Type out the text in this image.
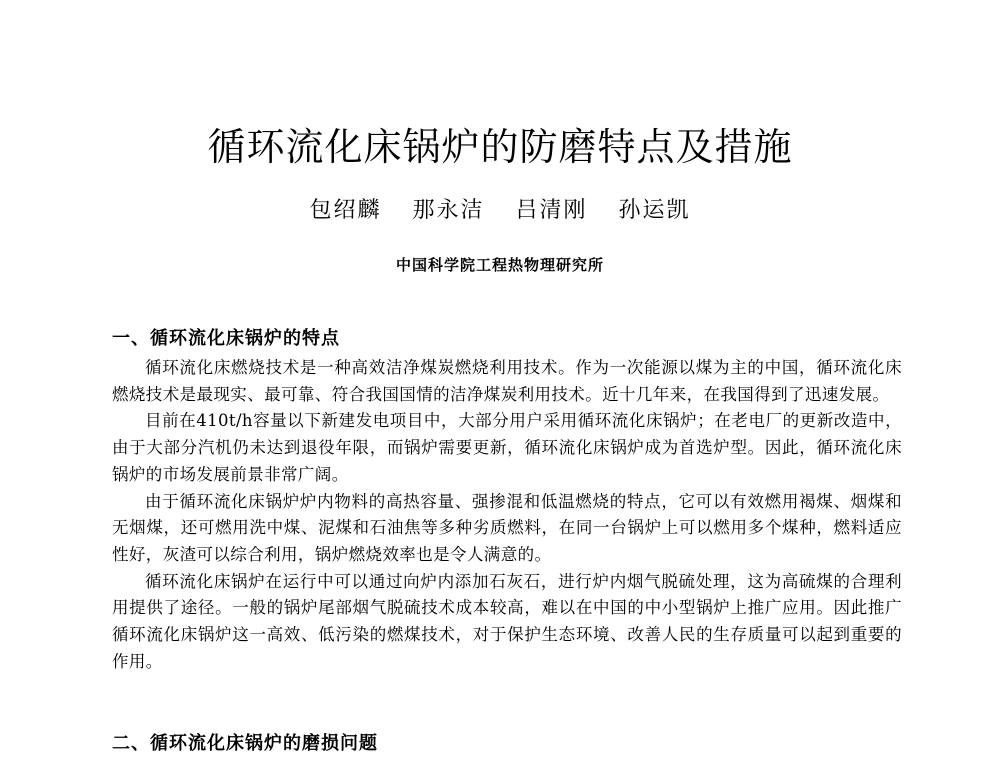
循环流化床锅炉的防磨特点及措施
包绍麟 那永洁 吕清刚 孙运凯
中国科学院工程热物理研究所
一、循环流化床锅炉的特点

循环流化床燃烧技术是一种高效洁净煤炭燃烧利用技术。作为一次能源以煤为主的中国，循环流化床燃烧技术是最现实、最可靠、符合我国国情的洁净煤炭利用技术。近十几年来，在我国得到了迅速发展。

目前在410t/h容量以下新建发电项目中，大部分用户采用循环流化床锅炉；在老电厂的更新改造中，由于大部分汽机仍未达到退役年限，而锅炉需要更新，循环流化床锅炉成为首选炉型。因此，循环流化床锅炉的市场发展前景非常广阔。

由于循环流化床锅炉炉内物料的高热容量、强掺混和低温燃烧的特点，它可以有效燃用褐煤、烟煤和无烟煤，还可燃用洗中煤、泥煤和石油焦等多种劣质燃料，在同一台锅炉上可以燃用多个煤种，燃料适应性好，灰渣可以综合利用，锅炉燃烧效率也是令人满意的。

循环流化床锅炉在运行中可以通过向炉内添加石灰石，进行炉内烟气脱硫处理，这为高硫煤的合理利用提供了途径。一般的锅炉尾部烟气脱硫技术成本较高，难以在中国的中小型锅炉上推广应用。因此推广循环流化床锅炉这一高效、低污染的燃煤技术，对于保护生态环境、改善人民的生存质量可以起到重要的作用。

二、循环流化床锅炉的磨损问题
